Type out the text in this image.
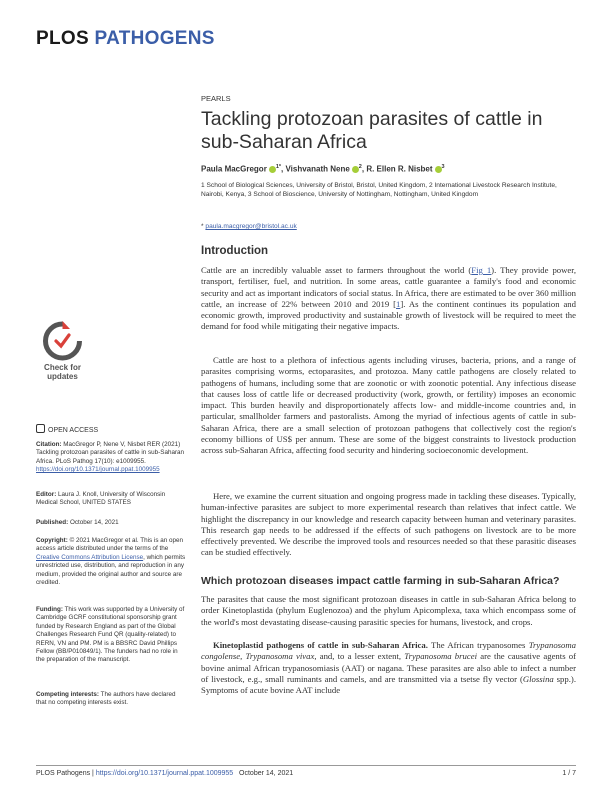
PLOS PATHOGENS
PEARLS
Tackling protozoan parasites of cattle in sub-Saharan Africa
Paula MacGregor $^{1*}$, Vishvanath Nene $^2$, R. Ellen R. Nisbet $^3$
1 School of Biological Sciences, University of Bristol, Bristol, United Kingdom, 2 International Livestock Research Institute, Nairobi, Kenya, 3 School of Bioscience, University of Nottingham, Nottingham, United Kingdom
* paula.macgregor@bristol.ac.uk
Introduction

Cattle are an incredibly valuable asset to farmers throughout the world (Fig 1). They provide power, transport, fertiliser, fuel, and nutrition. In some areas, cattle guarantee a family's food and economic security and act as important indicators of social status. In Africa, there are estimated to be over 360 million cattle, an increase of 22% between 2010 and 2019 [1]. As the continent continues its population and economic growth, improved productivity and sustainable growth of livestock will be required to meet the demand for food while mitigating their negative impacts.

Cattle are host to a plethora of infectious agents including viruses, bacteria, prions, and a range of parasites comprising worms, ectoparasites, and protozoa. Many cattle pathogens are closely related to pathogens of humans, including some that are zoonotic or with zoonotic potential. Any infectious disease that causes loss of cattle life or decreased productivity (work, growth, or fertility) imposes an economic impact. This burden heavily and disproportionately affects low- and middle-income countries and, in particular, smallholder farmers and pastoralists. Among the myriad of infectious agents of cattle in sub-Saharan Africa, there are a small selection of protozoan pathogens that collectively cost the region's economy billions of US$ per annum. These are some of the biggest constraints to livestock production across sub-Saharan Africa, affecting food security and hindering socioeconomic development.

Here, we examine the current situation and ongoing progress made in tackling these diseases. Typically, human-infective parasites are subject to more experimental research than relatives that infect cattle. We highlight the discrepancy in our knowledge and research capacity between human and veterinary parasites. This research gap needs to be addressed if the effects of such pathogens on livestock are to be more effectively prevented. We describe the improved tools and resources needed so that these parasitic diseases can be studied effectively.

Which protozoan diseases impact cattle farming in sub-Saharan Africa?

The parasites that cause the most significant protozoan diseases in cattle in sub-Saharan Africa belong to order Kinetoplastida (phylum Euglenozoa) and the phylum Apicomplexa, taxa which encompass some of the world's most devastating disease-causing parasitic species for humans, livestock, and crops.

Kinetoplastid pathogens of cattle in sub-Saharan Africa. The African trypanosomes Trypanosoma congolense, Trypanosoma vivax, and, to a lesser extent, Trypanosoma brucei are the causative agents of bovine animal African trypanosomiasis (AAT) or nagana. These parasites are also able to infect a number of livestock, e.g., small ruminants and camels, and are transmitted via a tsetse fly vector (Glossina spp.). Symptoms of acute bovine AAT include

Check for
updates
OPEN ACCESS
Citation: MacGregor P, Nene V, Nisbet RER (2021) Tackling protozoan parasites of cattle in sub-Saharan Africa. PLoS Pathog 17(10): e1009955. https://doi.org/10.1371/journal.ppat.1009955
Editor: Laura J. Knoll, University of Wisconsin Medical School, UNITED STATES
Published: October 14, 2021
Copyright: © 2021 MacGregor et al. This is an open access article distributed under the terms of the Creative Commons Attribution License, which permits unrestricted use, distribution, and reproduction in any medium, provided the original author and source are credited.
Funding: This work was supported by a University of Cambridge GCRF constitutional sponsorship grant funded by Research England as part of the Global Challenges Research Fund QR (quality-related) to RERN, VN and PM. PM is a BBSRC David Phillips Fellow (BB/P010849/1). The funders had no role in the preparation of the manuscript.
Competing interests: The authors have declared that no competing interests exist.
PLOS Pathogens | https://doi.org/10.1371/journal.ppat.1009955 October 14, 2021	1 / 7
